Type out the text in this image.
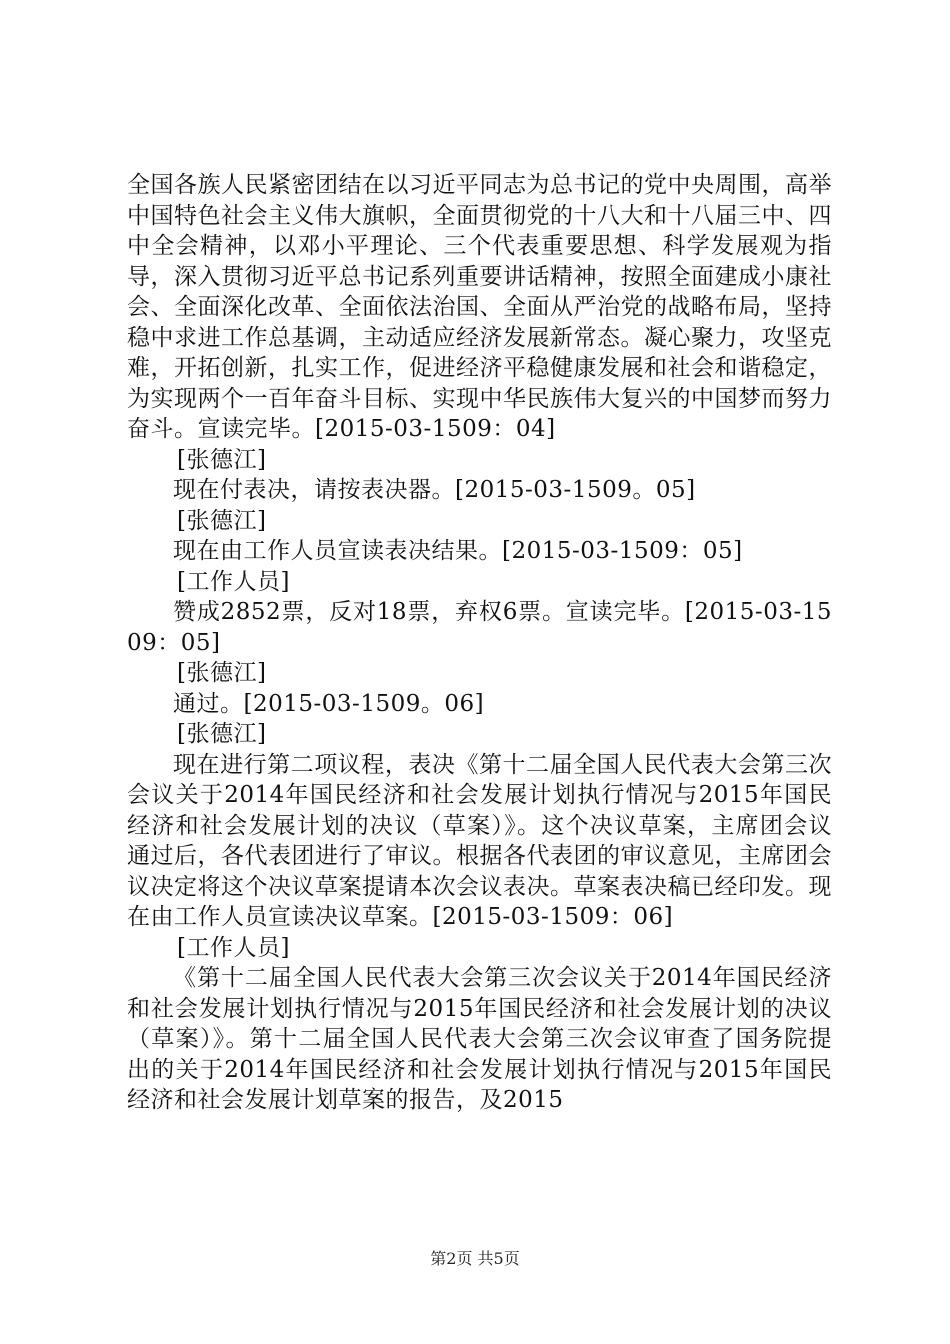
全国各族人民紧密团结在以习近平同志为总书记的党中央周围，高举中国特色社会主义伟大旗帜，全面贯彻党的十八大和十八届三中、四中全会精神，以邓小平理论、三个代表重要思想、科学发展观为指导，深入贯彻习近平总书记系列重要讲话精神，按照全面建成小康社会、全面深化改革、全面依法治国、全面从严治党的战略布局，坚持稳中求进工作总基调，主动适应经济发展新常态。凝心聚力，攻坚克难，开拓创新，扎实工作，促进经济平稳健康发展和社会和谐稳定，为实现两个一百年奋斗目标、实现中华民族伟大复兴的中国梦而努力奋斗。宣读完毕。[2015-03-1509：04]

[张德江]

现在付表决，请按表决器。[2015-03-1509。05]

[张德江]

现在由工作人员宣读表决结果。[2015-03-1509：05]

[工作人员]

赞成2852票，反对18票，弃权6票。宣读完毕。[2015-03-1509：05]

[张德江]

通过。[2015-03-1509。06]

[张德江]

现在进行第二项议程，表决《第十二届全国人民代表大会第三次会议关于2014年国民经济和社会发展计划执行情况与2015年国民经济和社会发展计划的决议（草案）》。这个决议草案，主席团会议通过后，各代表团进行了审议。根据各代表团的审议意见，主席团会议决定将这个决议草案提请本次会议表决。草案表决稿已经印发。现在由工作人员宣读决议草案。[2015-03-1509：06]

[工作人员]

《第十二届全国人民代表大会第三次会议关于2014年国民经济和社会发展计划执行情况与2015年国民经济和社会发展计划的决议（草案）》。第十二届全国人民代表大会第三次会议审查了国务院提出的关于2014年国民经济和社会发展计划执行情况与2015年国民经济和社会发展计划草案的报告，及2015

第2页 共5页
